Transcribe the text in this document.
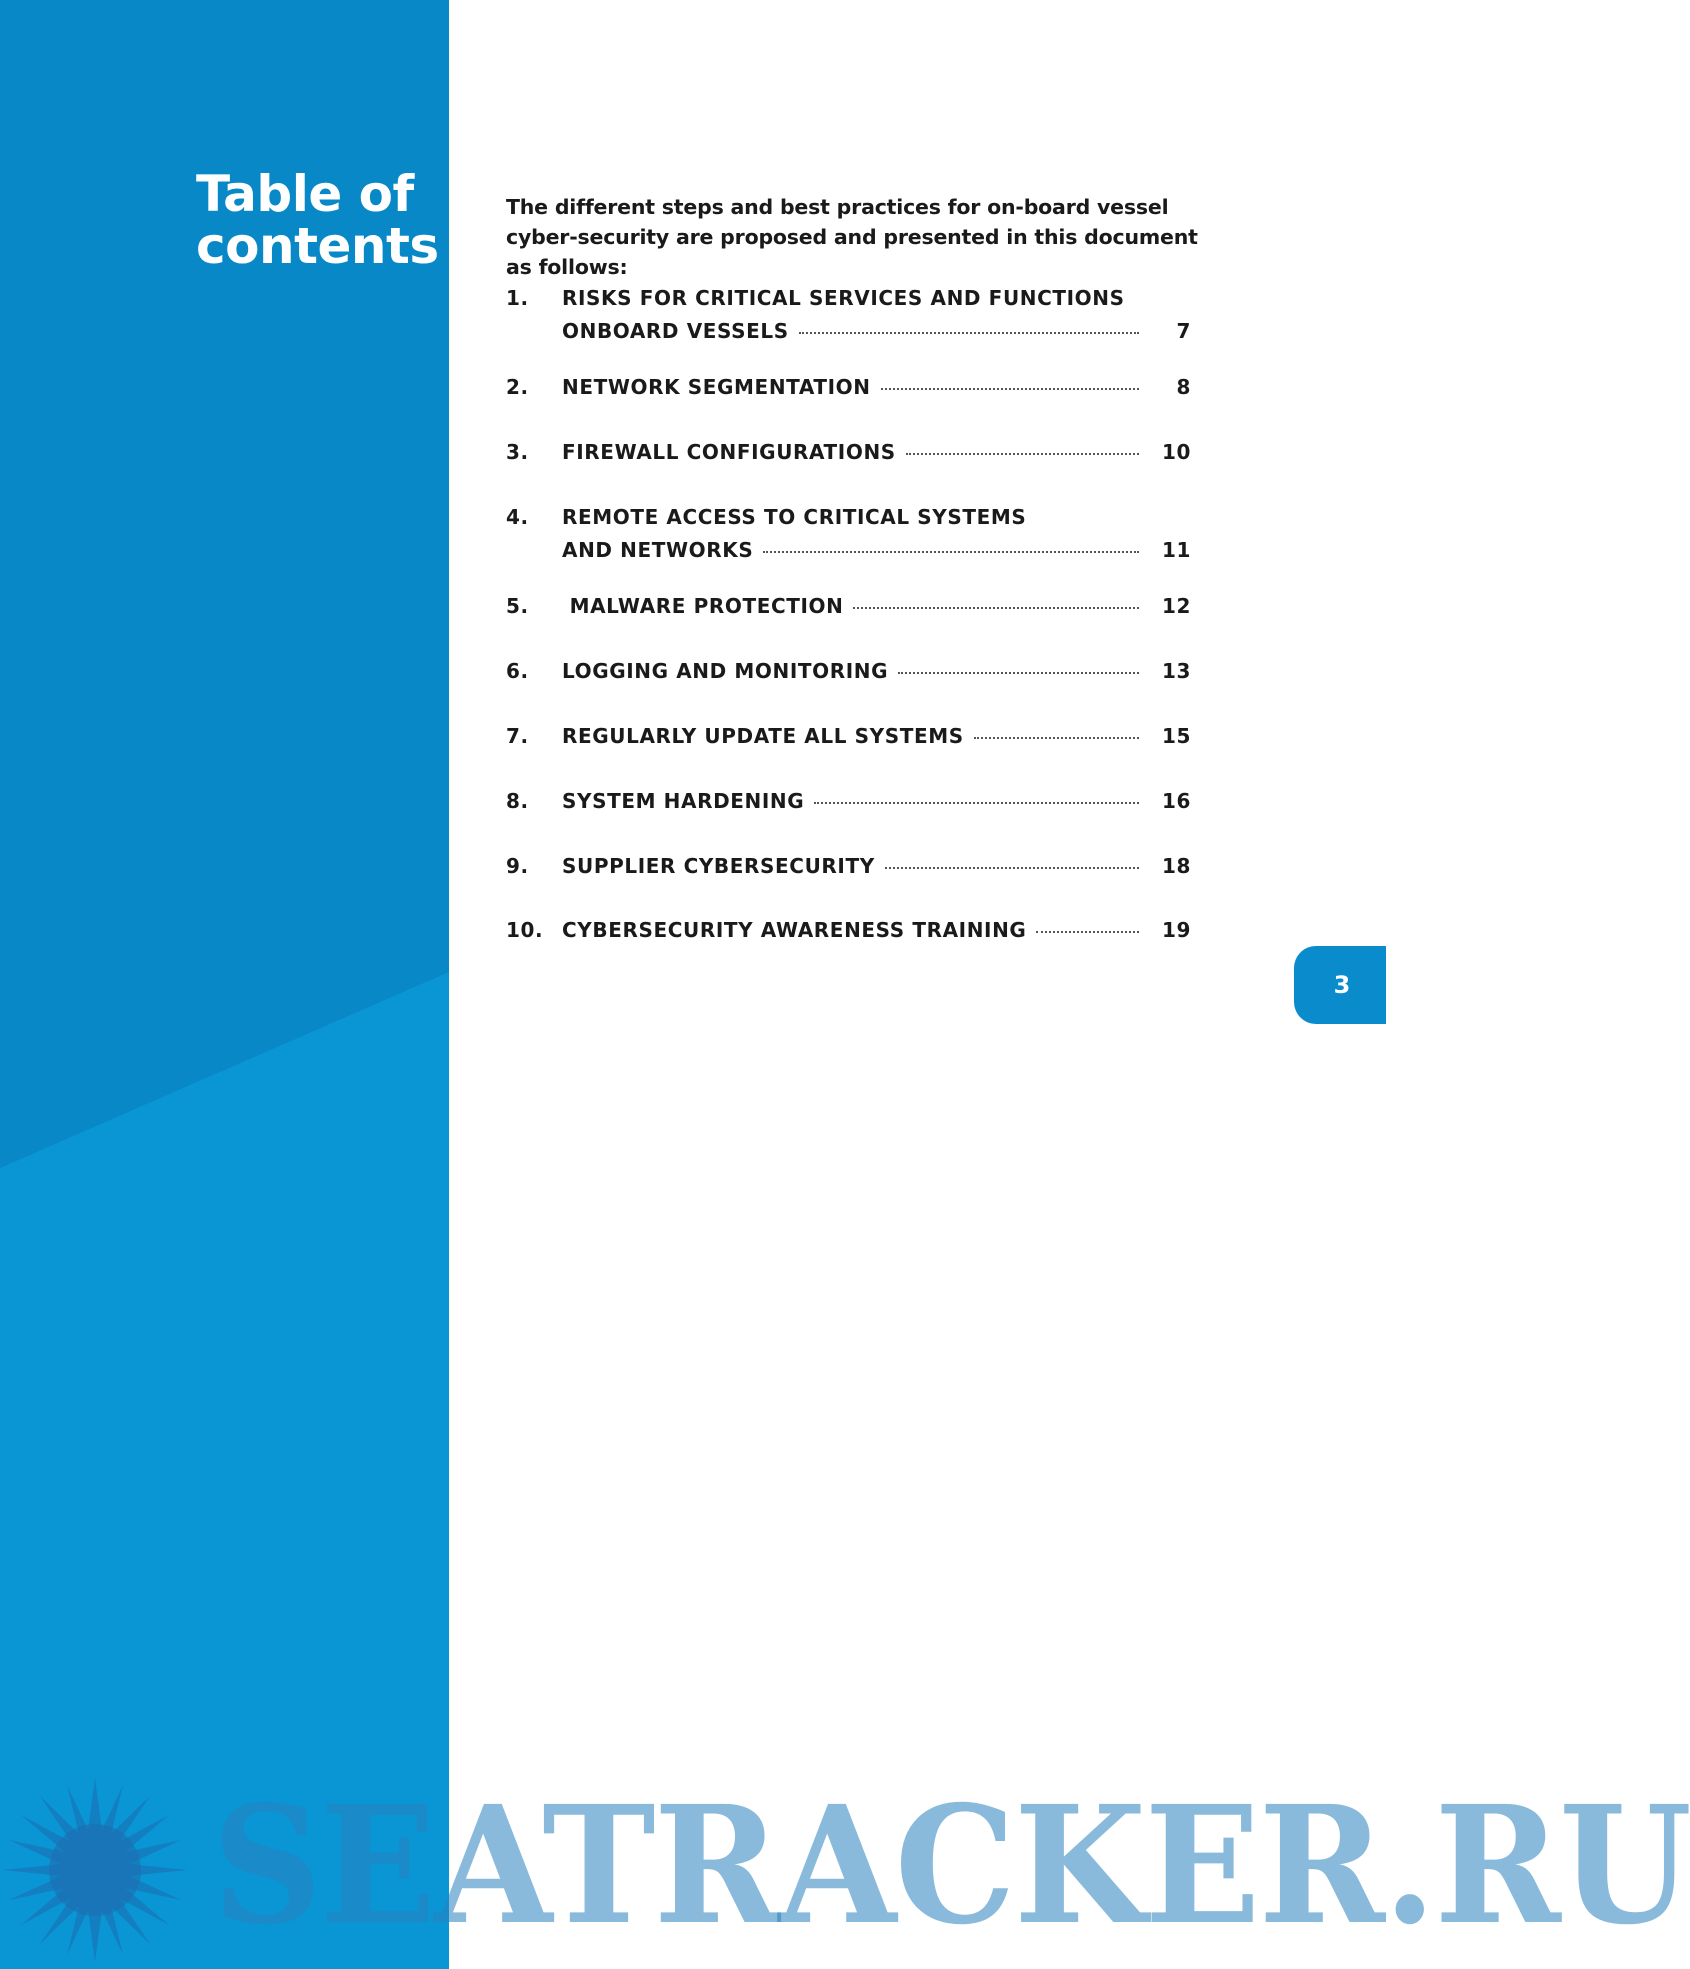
Table of
contents

The different steps and best practices for on-board vessel cyber-security are proposed and presented in this document as follows:

1. RISKS FOR CRITICAL SERVICES AND FUNCTIONS
ONBOARD VESSELS	7
2. NETWORK SEGMENTATION	8
3. FIREWALL CONFIGURATIONS	10
4. REMOTE ACCESS TO CRITICAL SYSTEMS
AND NETWORKS	11
5. MALWARE PROTECTION	12
6. LOGGING AND MONITORING	13
7. REGULARLY UPDATE ALL SYSTEMS	15
8. SYSTEM HARDENING	16
9. SUPPLIER CYBERSECURITY	18
10. CYBERSECURITY AWARENESS TRAINING	19
3
SEATRACKER.RU
